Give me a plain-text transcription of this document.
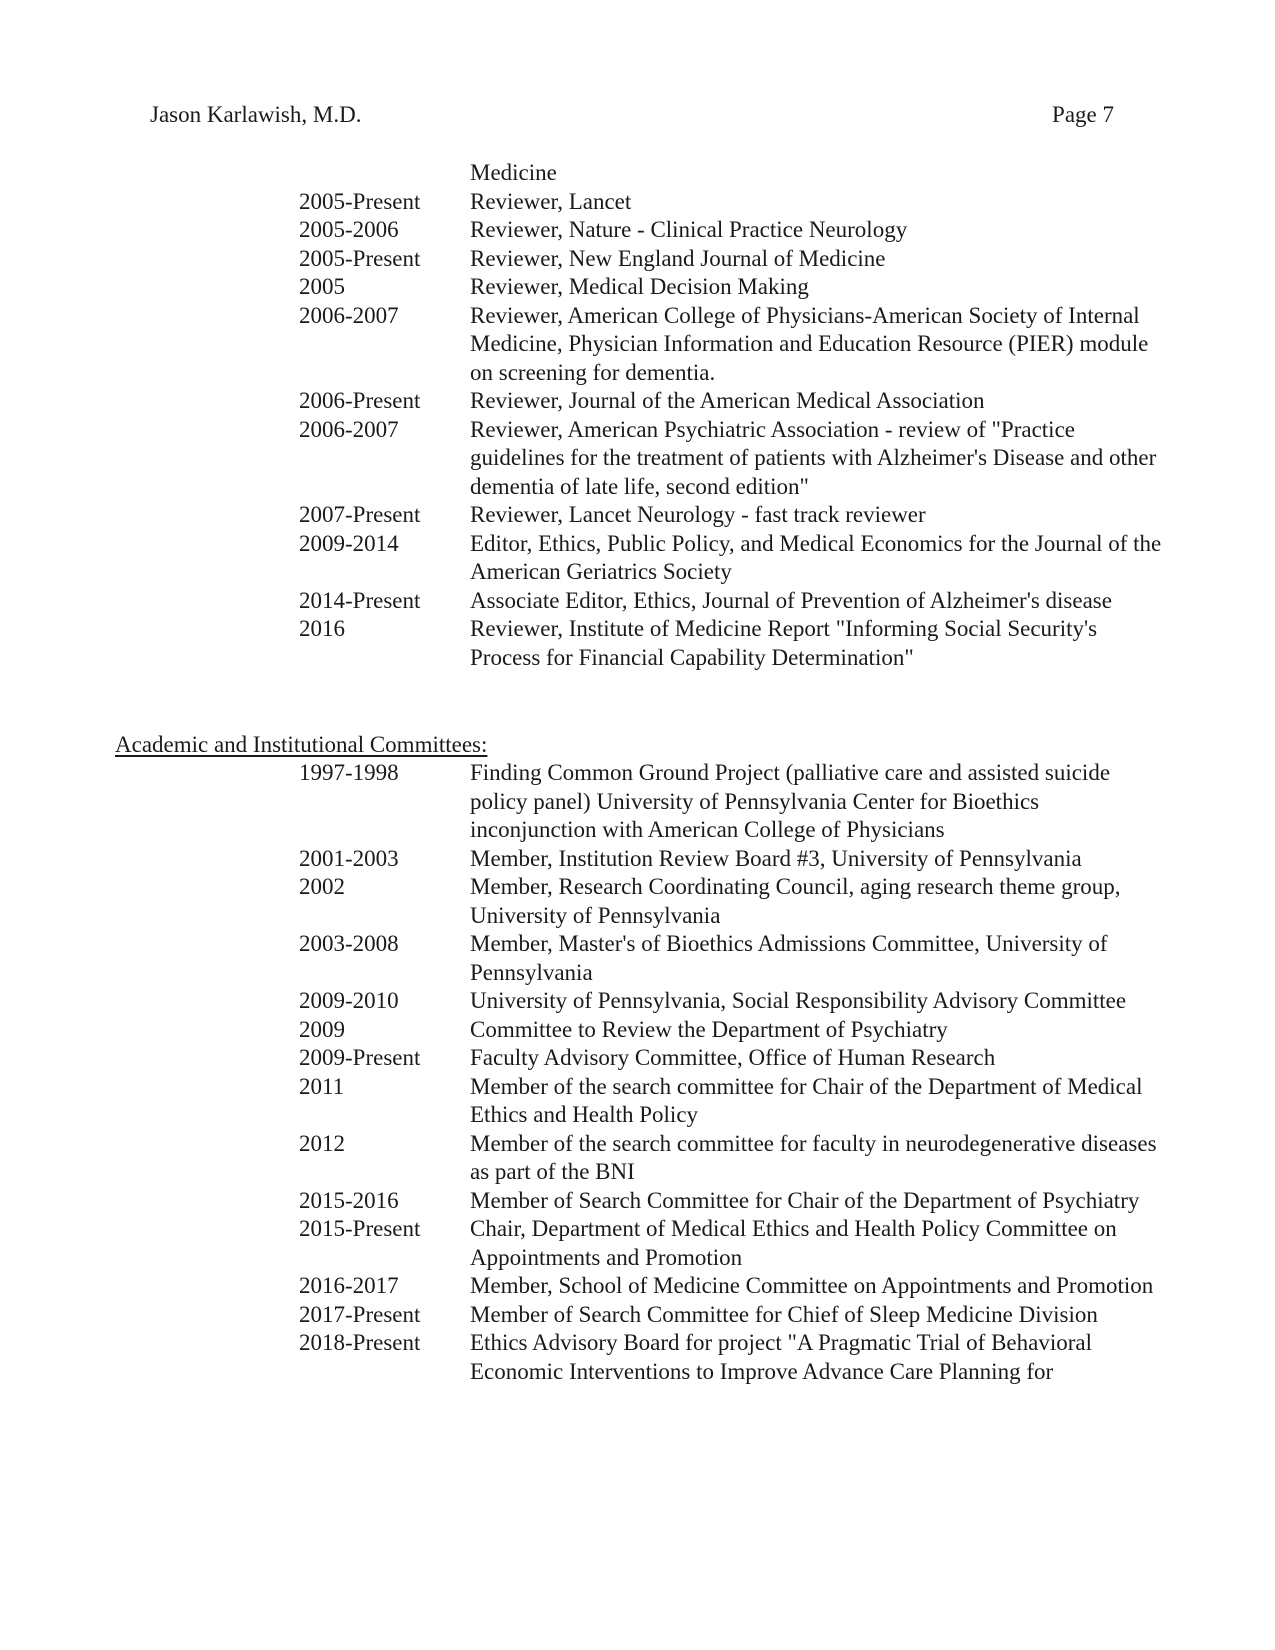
Jason Karlawish, M.D.	Page 7
Medicine
2005-Present	Reviewer, Lancet
2005-2006	Reviewer, Nature - Clinical Practice Neurology
2005-Present	Reviewer, New England Journal of Medicine
2005	Reviewer, Medical Decision Making
2006-2007	Reviewer, American College of Physicians-American Society of Internal Medicine, Physician Information and Education Resource (PIER) module on screening for dementia.
2006-Present	Reviewer, Journal of the American Medical Association
2006-2007	Reviewer, American Psychiatric Association - review of "Practice guidelines for the treatment of patients with Alzheimer's Disease and other dementia of late life, second edition"
2007-Present	Reviewer, Lancet Neurology - fast track reviewer
2009-2014	Editor, Ethics, Public Policy, and Medical Economics for the Journal of the American Geriatrics Society
2014-Present	Associate Editor, Ethics, Journal of Prevention of Alzheimer's disease
2016	Reviewer, Institute of Medicine Report "Informing Social Security's Process for Financial Capability Determination"
Academic and Institutional Committees:
1997-1998	Finding Common Ground Project (palliative care and assisted suicide policy panel) University of Pennsylvania Center for Bioethics inconjunction with American College of Physicians
2001-2003	Member, Institution Review Board #3, University of Pennsylvania
2002	Member, Research Coordinating Council, aging research theme group, University of Pennsylvania
2003-2008	Member, Master's of Bioethics Admissions Committee, University of Pennsylvania
2009-2010	University of Pennsylvania, Social Responsibility Advisory Committee
2009	Committee to Review the Department of Psychiatry
2009-Present	Faculty Advisory Committee, Office of Human Research
2011	Member of the search committee for Chair of the Department of Medical Ethics and Health Policy
2012	Member of the search committee for faculty in neurodegenerative diseases as part of the BNI
2015-2016	Member of Search Committee for Chair of the Department of Psychiatry
2015-Present	Chair, Department of Medical Ethics and Health Policy Committee on Appointments and Promotion
2016-2017	Member, School of Medicine Committee on Appointments and Promotion
2017-Present	Member of Search Committee for Chief of Sleep Medicine Division
2018-Present	Ethics Advisory Board for project "A Pragmatic Trial of Behavioral Economic Interventions to Improve Advance Care Planning for
